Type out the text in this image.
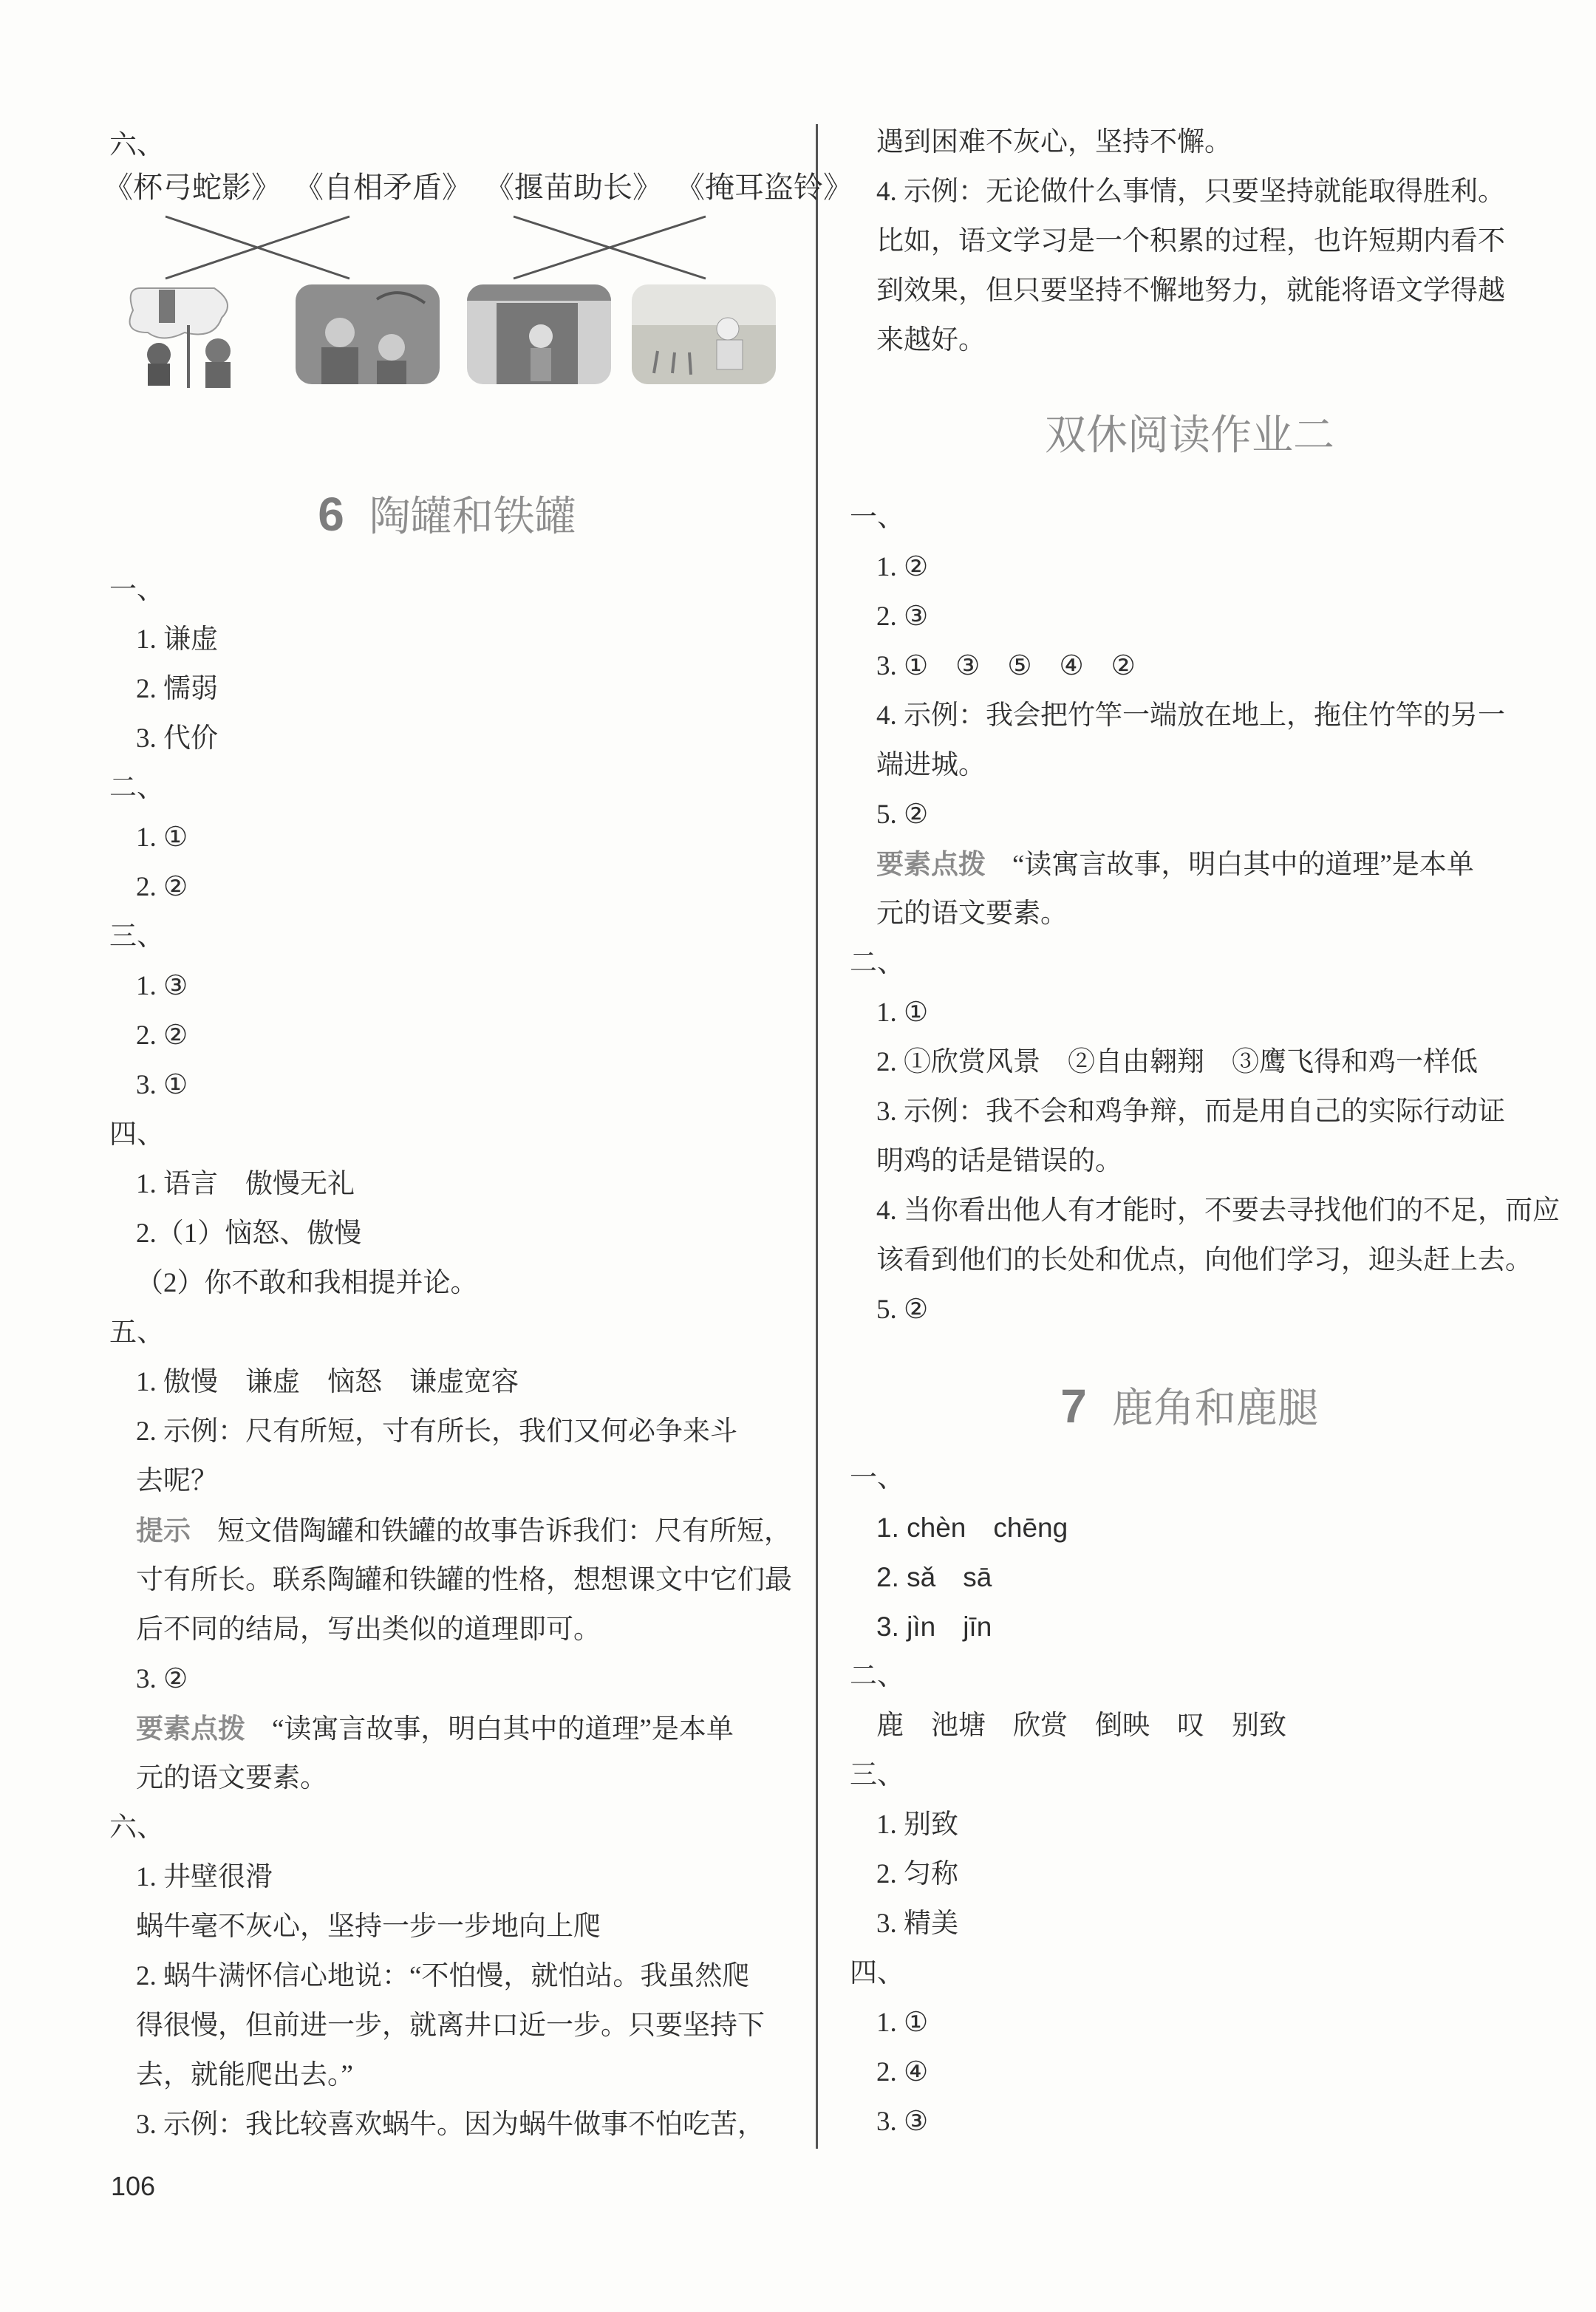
六、
《杯弓蛇影》 《自相矛盾》 《揠苗助长》 《掩耳盗铃》
6 陶罐和铁罐
一、
1. 谦虚
2. 懦弱
3. 代价
二、
1. ①
2. ②
三、
1. ③
2. ②
3. ①
四、
1. 语言　傲慢无礼
2.（1）恼怒、傲慢
（2）你不敢和我相提并论。
五、
1. 傲慢　谦虚　恼怒　谦虚宽容
2. 示例：尺有所短，寸有所长，我们又何必争来斗
去呢？
提示 短文借陶罐和铁罐的故事告诉我们：尺有所短，
寸有所长。联系陶罐和铁罐的性格，想想课文中它们最
后不同的结局，写出类似的道理即可。
3. ②
要素点拨 “读寓言故事，明白其中的道理”是本单
元的语文要素。
六、
1. 井壁很滑
蜗牛毫不灰心，坚持一步一步地向上爬
2. 蜗牛满怀信心地说：“不怕慢，就怕站。我虽然爬
得很慢，但前进一步，就离井口近一步。只要坚持下
去，就能爬出去。”
3. 示例：我比较喜欢蜗牛。因为蜗牛做事不怕吃苦，
遇到困难不灰心，坚持不懈。
4. 示例：无论做什么事情，只要坚持就能取得胜利。
比如，语文学习是一个积累的过程，也许短期内看不
到效果，但只要坚持不懈地努力，就能将语文学得越
来越好。
双休阅读作业二
一、
1. ②
2. ③
3. ①　③　⑤　④　②
4. 示例：我会把竹竿一端放在地上，拖住竹竿的另一
端进城。
5. ②
要素点拨 “读寓言故事，明白其中的道理”是本单
元的语文要素。
二、
1. ①
2. ①欣赏风景　②自由翱翔　③鹰飞得和鸡一样低
3. 示例：我不会和鸡争辩，而是用自己的实际行动证
明鸡的话是错误的。
4. 当你看出他人有才能时，不要去寻找他们的不足，而应
该看到他们的长处和优点，向他们学习，迎头赶上去。
5. ②
7 鹿角和鹿腿
一、
1. chèn　chēng
2. sǎ　sā
3. jìn　jīn
二、
鹿　池塘　欣赏　倒映　叹　别致
三、
1. 别致
2. 匀称
3. 精美
四、
1. ①
2. ④
3. ③
106
